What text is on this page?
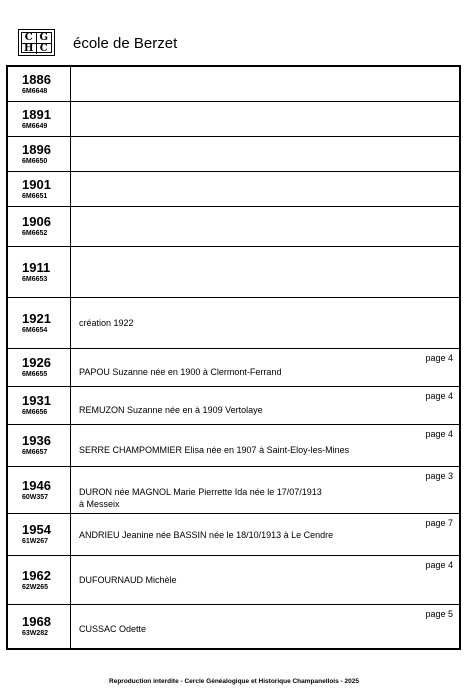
C G
H C école de Berzet
1886
6M6648
1891
6M6649
1896
6M6650
1901
6M6651
1906
6M6652
1911
6M6653
1921
6M6654
création 1922
1926
6M6655
page 4
PAPOU Suzanne née en 1900 à Clermont-Ferrand
1931
6M6656
page 4
REMUZON Suzanne née en à 1909 Vertolaye
1936
6M6657
page 4
SERRE CHAMPOMMIER Elisa née en 1907 à Saint-Eloy-les-Mines
1946
60W357
page 3
DURON née MAGNOL Marie Pierrette Ida née le 17/07/1913
à Messeix
1954
61W267
page 7
ANDRIEU Jeanine née BASSIN née le 18/10/1913 à Le Cendre
1962
62W265
page 4
DUFOURNAUD Michèle
1968
63W282
page 5
CUSSAC Odette
Reproduction interdite - Cercle Généalogique et Historique Champanellois - 2025
